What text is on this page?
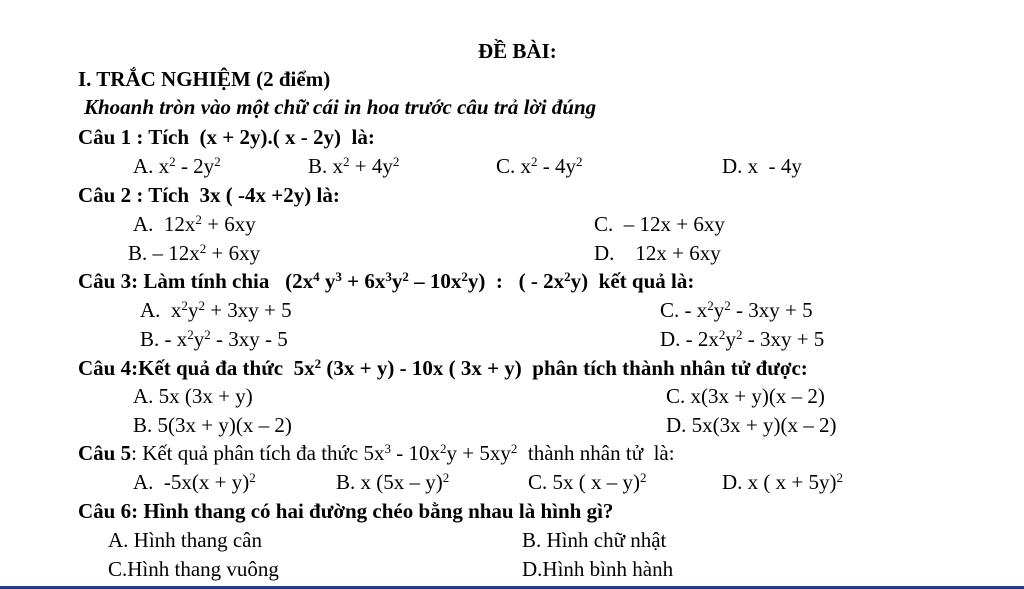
ĐỀ BÀI:
I. TRẮC NGHIỆM (2 điểm)
Khoanh tròn vào một chữ cái in hoa trước câu trả lời đúng
Câu 1 : Tích  (x + 2y).( x - 2y)  là:
A. $x^2 - 2y^2$	B. $x^2 + 4y^2$	C. $x^2 - 4y^2$	D. x  - 4y
Câu 2 : Tích  3x ( -4x +2y) là:
A.  $12x^2 + 6xy$	C.  – 12x + 6xy
B. – $12x^2 + 6xy$	D.    12x + 6xy
Câu 3: Làm tính chia   ($2x^4$ $y^3 + 6x^3y^2 - 10x^2y$)  :   ( - $2x^2y$)  kết quả là:
A.  $x^2y^2 + 3xy + 5$	C. - $x^2y^2 - 3xy + 5$
B. - $x^2y^2 - 3xy - 5$	D. - $2x^2y^2 - 3xy + 5$
Câu 4:Kết quả đa thức  $5x^2$ (3x + y) - 10x ( 3x + y)  phân tích thành nhân tử được:
A. 5x (3x + y)	C. x(3x + y)(x – 2)
B. 5(3x + y)(x – 2)	D. 5x(3x + y)(x – 2)
Câu 5: Kết quả phân tích đa thức $5x^3 - 10x^2y + 5xy^2$  thành nhân tử  là:
A.  $-5x(x + y)^2$	B. x (5x – y)$^2$	C. 5x ( x – y)$^2$	D. x ( x + 5y)$^2$
Câu 6: Hình thang có hai đường chéo bằng nhau là hình gì?
A. Hình thang cân	B. Hình chữ nhật
C.Hình thang vuông	D.Hình bình hành
